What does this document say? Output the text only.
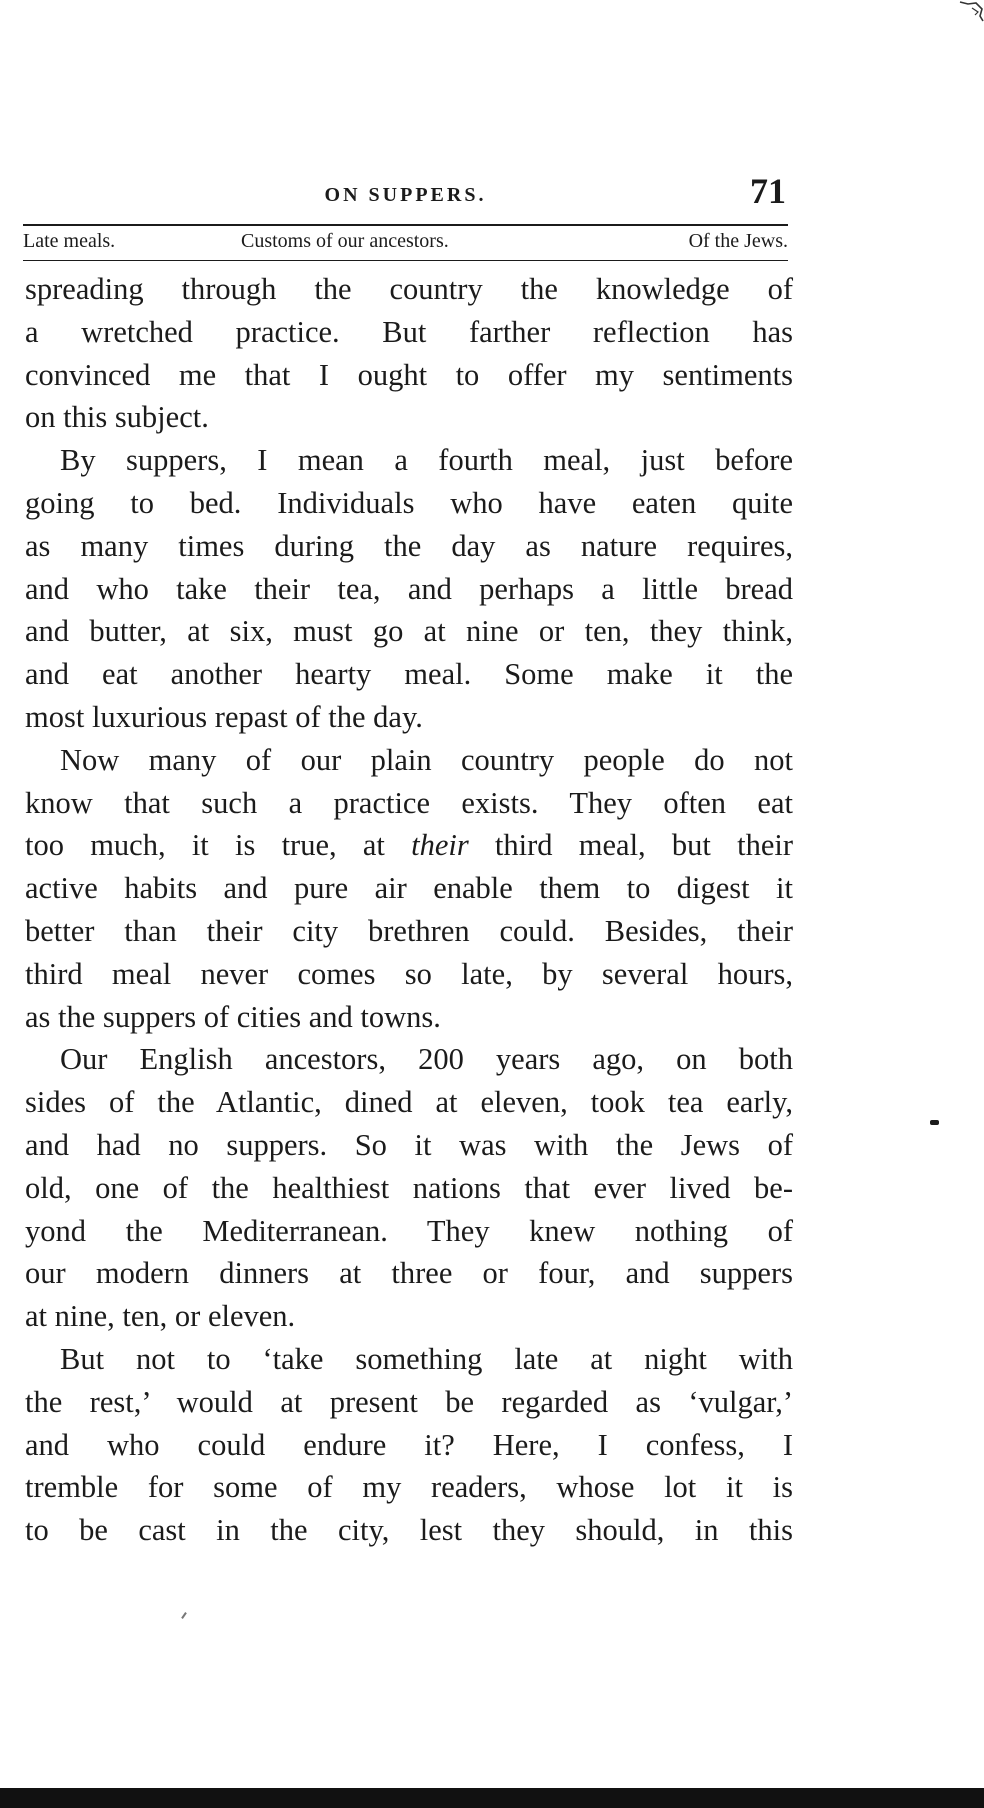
ON SUPPERS.	71
Late meals.	Customs of our ancestors.	Of the Jews.
spreading through the country the knowledge of
a wretched practice. But farther reflection has
convinced me that I ought to offer my sentiments
on this subject.
By suppers, I mean a fourth meal, just before
going to bed. Individuals who have eaten quite
as many times during the day as nature requires,
and who take their tea, and perhaps a little bread
and butter, at six, must go at nine or ten, they think,
and eat another hearty meal. Some make it the
most luxurious repast of the day.
Now many of our plain country people do not
know that such a practice exists. They often eat
too much, it is true, at their third meal, but their
active habits and pure air enable them to digest it
better than their city brethren could. Besides, their
third meal never comes so late, by several hours,
as the suppers of cities and towns.
Our English ancestors, 200 years ago, on both
sides of the Atlantic, dined at eleven, took tea early,
and had no suppers. So it was with the Jews of
old, one of the healthiest nations that ever lived be-
yond the Mediterranean. They knew nothing of
our modern dinners at three or four, and suppers
at nine, ten, or eleven.
But not to ‘take something late at night with
the rest,’ would at present be regarded as ‘vulgar,’
and who could endure it? Here, I confess, I
tremble for some of my readers, whose lot it is
to be cast in the city, lest they should, in this
